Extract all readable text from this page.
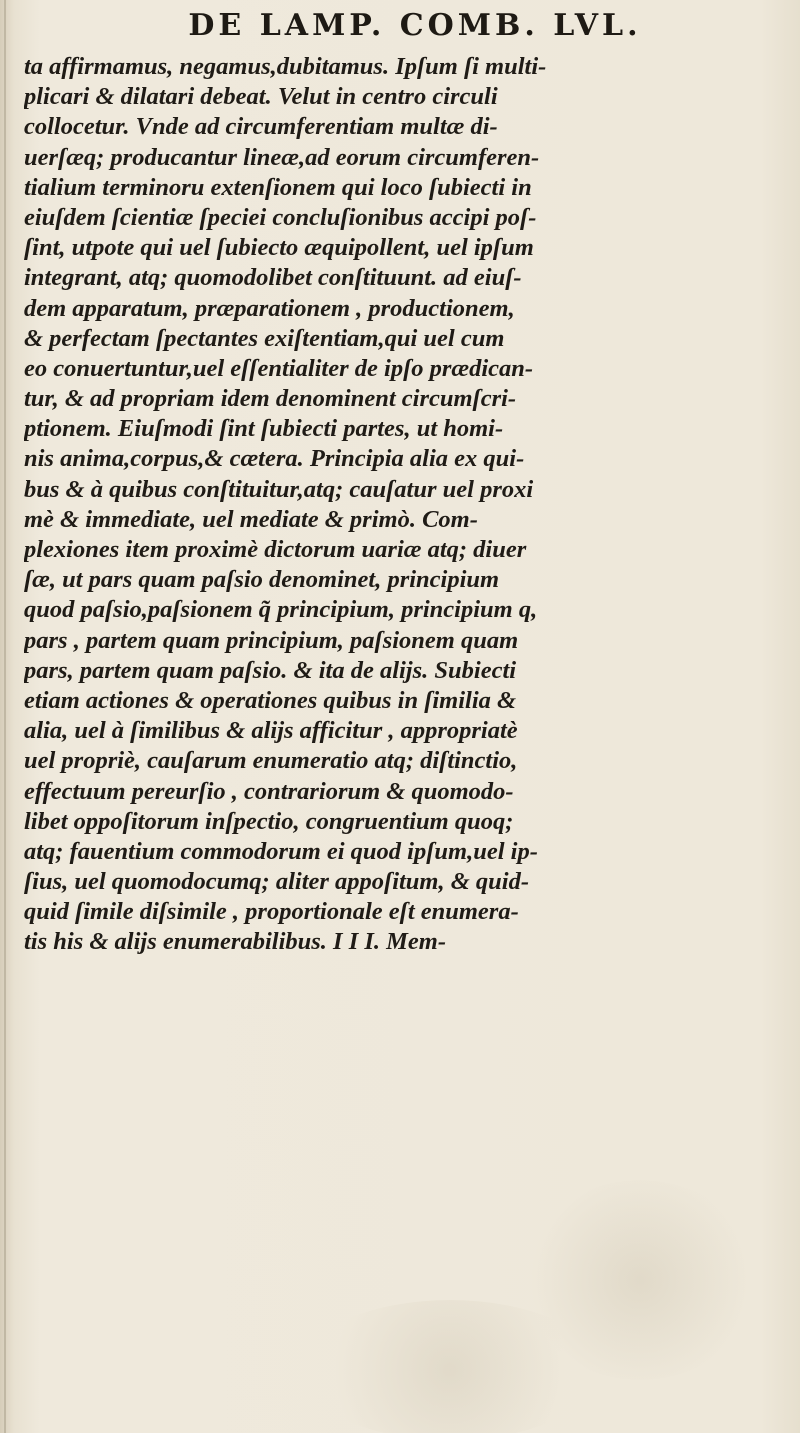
DE LAMP. COMB. LVL.
ta affirmamus, negamus,dubitamus. Ipſum ſi multi-
plicari & dilatari debeat. Velut in centro circuli
collocetur. Vnde ad circumferentiam multæ di-
uerſæq; producantur lineæ,ad eorum circumferen-
tialium terminoru extenſionem qui loco ſubiecti in
eiuſdem ſcientiæ ſpeciei concluſionibus accipi poſ-
ſint, utpote qui uel ſubiecto æquipollent, uel ipſum
integrant, atq; quomodolibet conſtituunt. ad eiuſ-
dem apparatum, præparationem , productionem,
& perfectam ſpectantes exiſtentiam,qui uel cum
eo conuertuntur,uel eſſentialiter de ipſo prædican-
tur, & ad propriam idem denominent circumſcri-
ptionem. Eiuſmodi ſint ſubiecti partes, ut homi-
nis anima,corpus,& cætera. Principia alia ex qui-
bus & à quibus conſtituitur,atq; cauſatur uel proxi
mè & immediate, uel mediate & primò. Com-
plexiones item proximè dictorum uariæ atq; diuer
ſæ, ut pars quam paſsio denominet, principium
quod paſsio,paſsionem q̃ principium, principium q,
pars , partem quam principium, paſsionem quam
pars, partem quam paſsio. & ita de alijs. Subiecti
etiam actiones & operationes quibus in ſimilia &
alia, uel à ſimilibus & alijs afficitur , appropriatè
uel propriè, cauſarum enumeratio atq; diſtinctio,
effectuum pereurſio , contrariorum & quomodo-
libet oppoſitorum inſpectio, congruentium quoq;
atq; fauentium commodorum ei quod ipſum,uel ip-
ſius, uel quomodocumq; aliter appoſitum, & quid-
quid ſimile diſsimile , proportionale eſt enumera-
tis his & alijs enumerabilibus. I I I. Mem-
